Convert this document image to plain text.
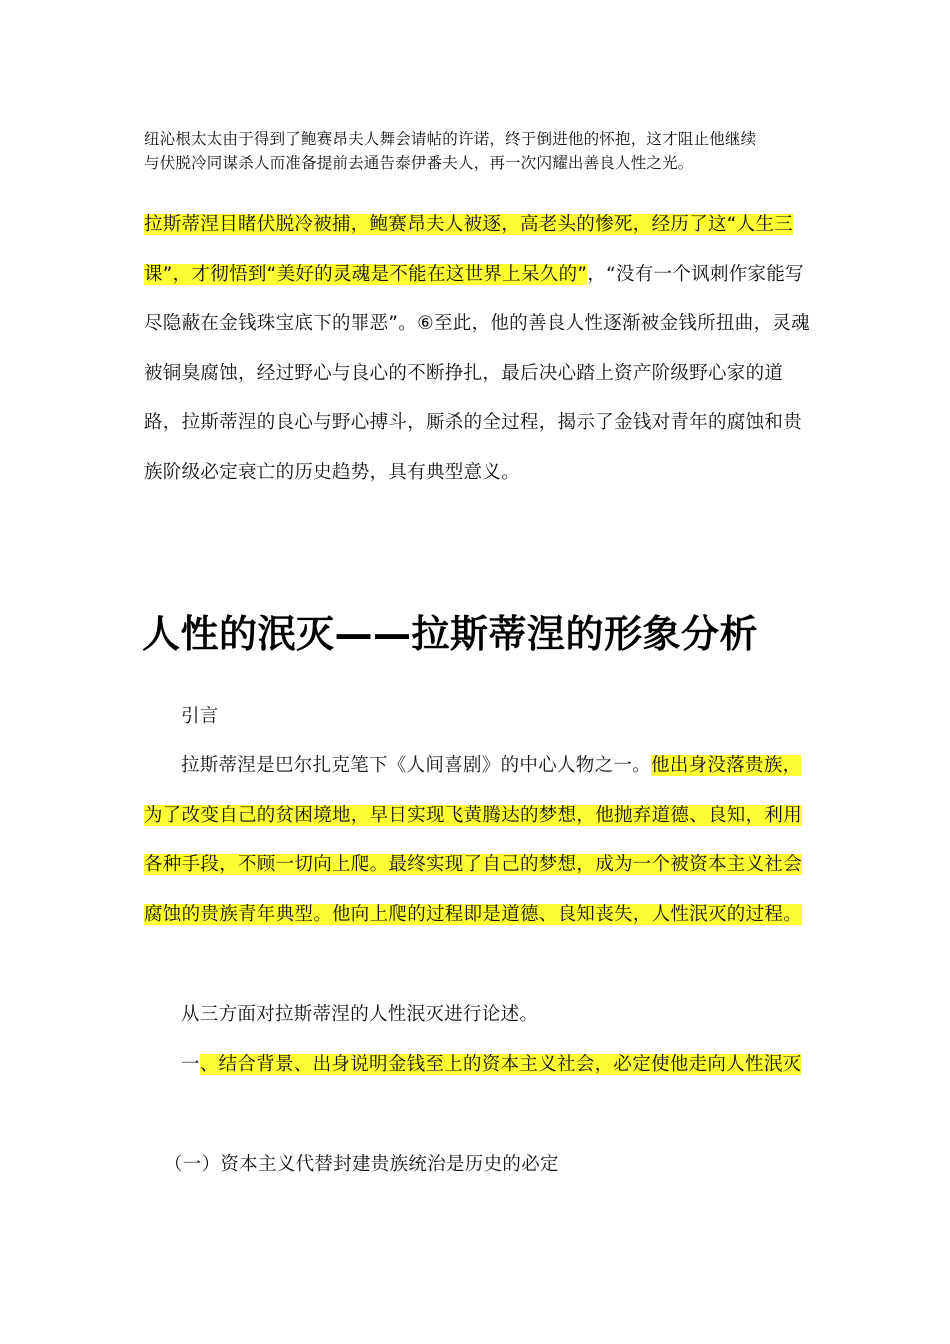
纽沁根太太由于得到了鲍赛昂夫人舞会请帖的许诺，终于倒进他的怀抱，这才阻止他继续
与伏脱冷同谋杀人而准备提前去通告泰伊番夫人，再一次闪耀出善良人性之光。
拉斯蒂涅目睹伏脱冷被捕，鲍赛昂夫人被逐，高老头的惨死，经历了这“人生三课”，才彻悟到“美好的灵魂是不能在这世界上呆久的”，“没有一个讽刺作家能写尽隐蔽在金钱珠宝底下的罪恶”。⑥至此，他的善良人性逐渐被金钱所扭曲，灵魂被铜臭腐蚀，经过野心与良心的不断挣扎，最后决心踏上资产阶级野心家的道路，拉斯蒂涅的良心与野心搏斗，厮杀的全过程，揭示了金钱对青年的腐蚀和贵族阶级必定衰亡的历史趋势，具有典型意义。
人性的泯灭——拉斯蒂涅的形象分析
引言
拉斯蒂涅是巴尔扎克笔下《人间喜剧》的中心人物之一。他出身没落贵族，为了改变自己的贫困境地，早日实现飞黄腾达的梦想，他抛弃道德、良知，利用各种手段，不顾一切向上爬。最终实现了自己的梦想，成为一个被资本主义社会腐蚀的贵族青年典型。他向上爬的过程即是道德、良知丧失，人性泯灭的过程。
从三方面对拉斯蒂涅的人性泯灭进行论述。
一、结合背景、出身说明金钱至上的资本主义社会，必定使他走向人性泯灭
（一）资本主义代替封建贵族统治是历史的必定
